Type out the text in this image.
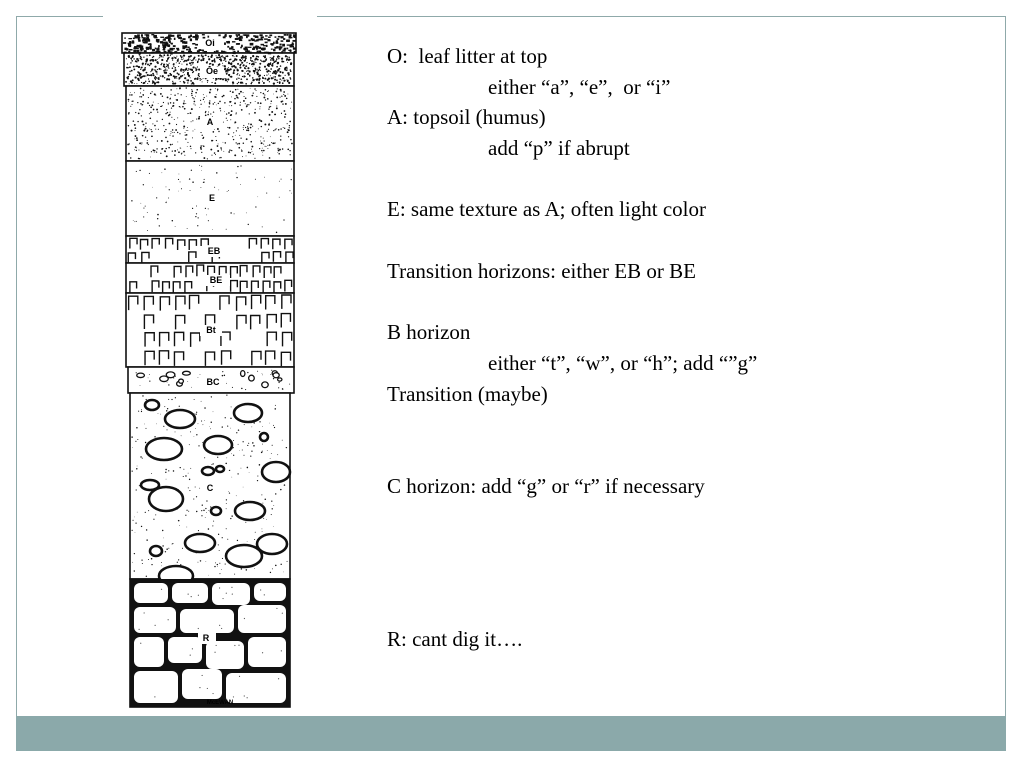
Oi
Oe
A
E
EB
BE
Bt
BC
C
R
McEWAN
O:  leaf litter at top
either “a”, “e”,  or “i”
A: topsoil (humus)
add “p” if abrupt
E: same texture as A; often light color
Transition horizons: either EB or BE
B horizon
either “t”, “w”, or “h”; add “”g”
Transition (maybe)
C horizon: add “g” or “r” if necessary
R: cant dig it….
